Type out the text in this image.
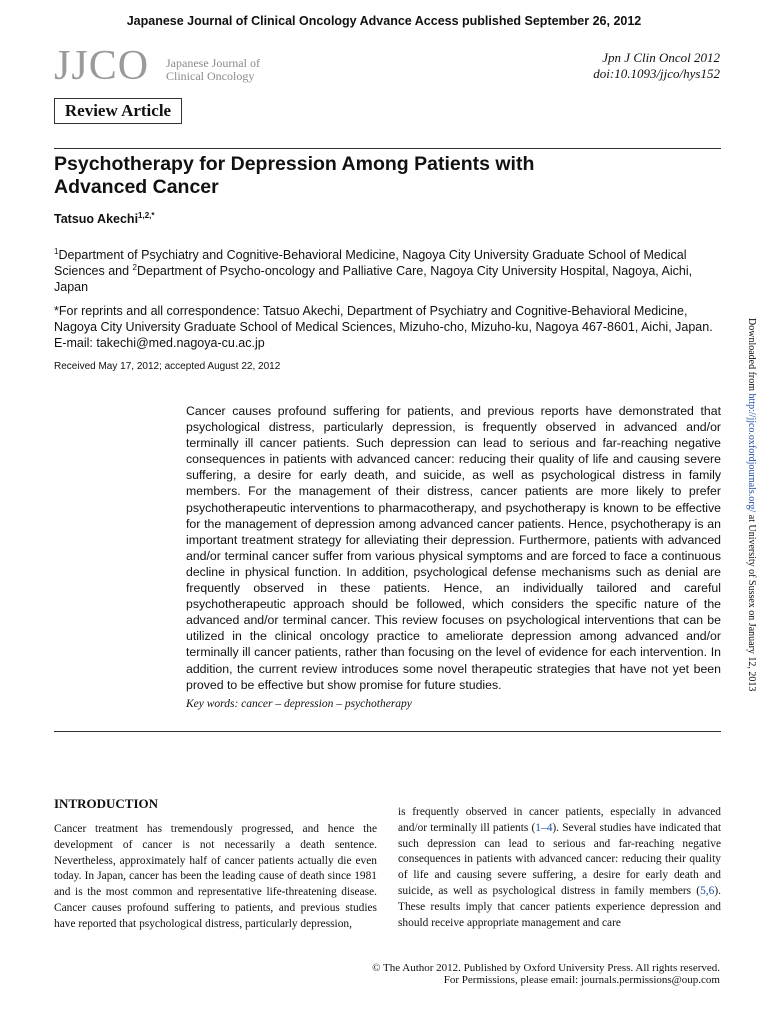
Japanese Journal of Clinical Oncology Advance Access published September 26, 2012
JJCO Japanese Journal of
Clinical Oncology
Jpn J Clin Oncol 2012
doi:10.1093/jjco/hys152
Review Article
Psychotherapy for Depression Among Patients with
Advanced Cancer
Tatsuo Akechi$^{1,2,*}$
$^1$Department of Psychiatry and Cognitive-Behavioral Medicine, Nagoya City University Graduate School of Medical Sciences and $^2$Department of Psycho-oncology and Palliative Care, Nagoya City University Hospital, Nagoya, Aichi, Japan
*For reprints and all correspondence: Tatsuo Akechi, Department of Psychiatry and Cognitive-Behavioral Medicine, Nagoya City University Graduate School of Medical Sciences, Mizuho-cho, Mizuho-ku, Nagoya 467-8601, Aichi, Japan. E-mail: takechi@med.nagoya-cu.ac.jp
Received May 17, 2012; accepted August 22, 2012
Cancer causes profound suffering for patients, and previous reports have demonstrated that psychological distress, particularly depression, is frequently observed in advanced and/or terminally ill cancer patients. Such depression can lead to serious and far-reaching negative consequences in patients with advanced cancer: reducing their quality of life and causing severe suffering, a desire for early death, and suicide, as well as psychological distress in family members. For the management of their distress, cancer patients are more likely to prefer psychotherapeutic interventions to pharmacotherapy, and psychotherapy is known to be effective for the management of depression among advanced cancer patients. Hence, psychotherapy is an important treatment strategy for alleviating their depression. Furthermore, patients with advanced and/or terminal cancer suffer from various physical symptoms and are forced to face a continuous decline in physical function. In addition, psychological defense mechanisms such as denial are frequently observed in these patients. Hence, an individually tailored and careful psychotherapeutic approach should be followed, which considers the specific nature of the advanced and/or terminal cancer. This review focuses on psychological interventions that can be utilized in the clinical oncology practice to ameliorate depression among advanced and/or terminally ill cancer patients, rather than focusing on the level of evidence for each intervention. In addition, the current review introduces some novel therapeutic strategies that have not yet been proved to be effective but show promise for future studies.
Key words: cancer – depression – psychotherapy
INTRODUCTION
Cancer treatment has tremendously progressed, and hence the development of cancer is not necessarily a death sentence. Nevertheless, approximately half of cancer patients actually die even today. In Japan, cancer has been the leading cause of death since 1981 and is the most common and representative life-threatening disease. Cancer causes profound suffering to patients, and previous studies have reported that psychological distress, particularly depression,
is frequently observed in cancer patients, especially in advanced and/or terminally ill patients (1–4). Several studies have indicated that such depression can lead to serious and far-reaching negative consequences in patients with advanced cancer: reducing their quality of life and causing severe suffering, a desire for early death and suicide, as well as psychological distress in family members (5,6). These results imply that cancer patients experience depression and should receive appropriate management and care
© The Author 2012. Published by Oxford University Press. All rights reserved.
For Permissions, please email: journals.permissions@oup.com
Downloaded from http://jjco.oxfordjournals.org/ at University of Sussex on January 12, 2013
